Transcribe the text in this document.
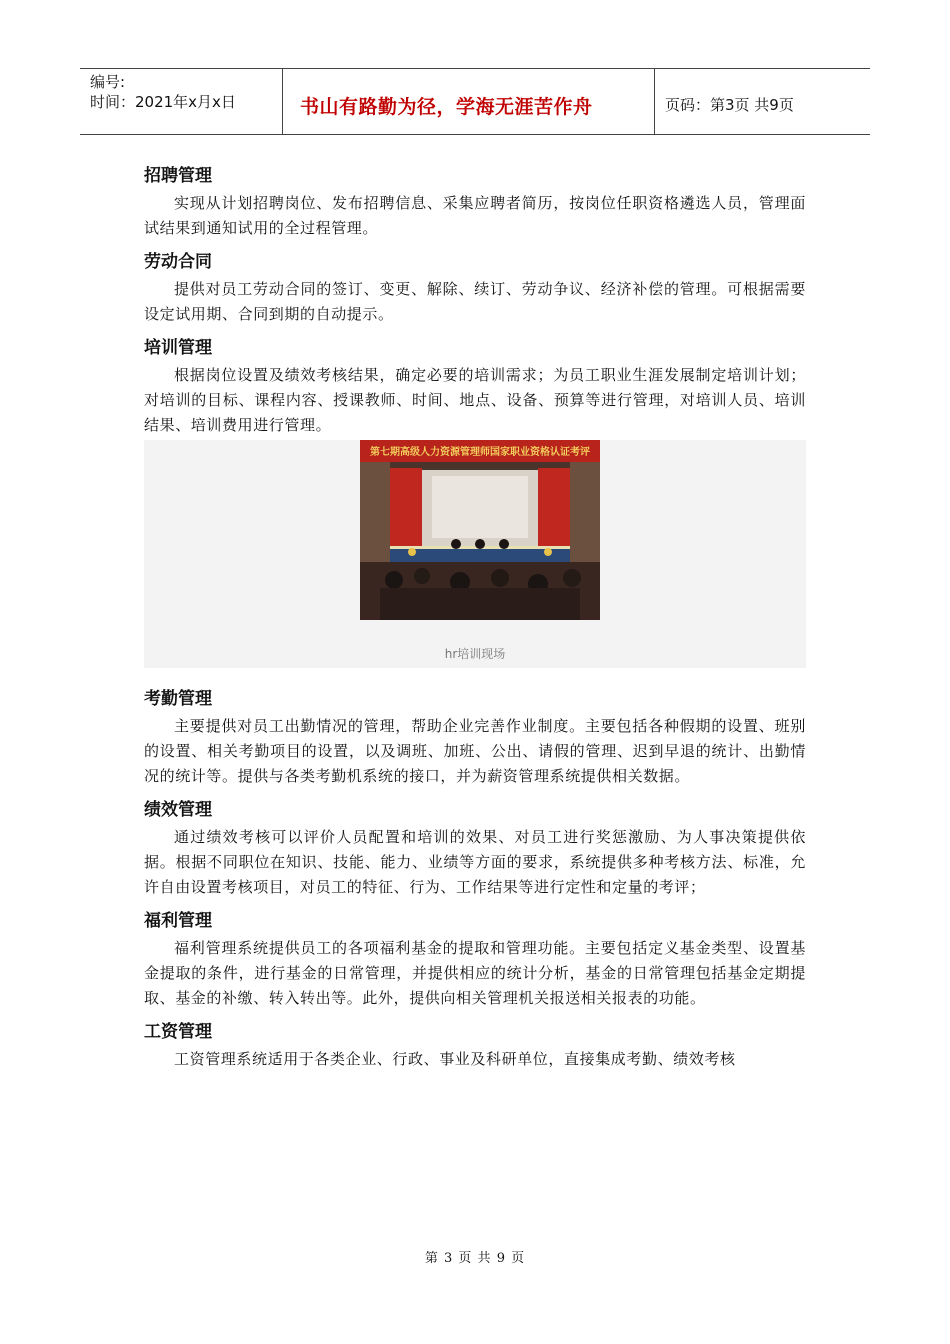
编号:
时间：2021年x月x日	书山有路勤为径，学海无涯苦作舟	页码：第3页 共9页
招聘管理

实现从计划招聘岗位、发布招聘信息、采集应聘者简历，按岗位任职资格遴选人员，管理面试结果到通知试用的全过程管理。

劳动合同

提供对员工劳动合同的签订、变更、解除、续订、劳动争议、经济补偿的管理。可根据需要设定试用期、合同到期的自动提示。

培训管理

根据岗位设置及绩效考核结果，确定必要的培训需求；为员工职业生涯发展制定培训计划；对培训的目标、课程内容、授课教师、时间、地点、设备、预算等进行管理，对培训人员、培训结果、培训费用进行管理。

第七期高级人力资源管理师国家职业资格认证考评
hr培训现场
考勤管理

主要提供对员工出勤情况的管理，帮助企业完善作业制度。主要包括各种假期的设置、班别的设置、相关考勤项目的设置，以及调班、加班、公出、请假的管理、迟到早退的统计、出勤情况的统计等。提供与各类考勤机系统的接口，并为薪资管理系统提供相关数据。

绩效管理

通过绩效考核可以评价人员配置和培训的效果、对员工进行奖惩激励、为人事决策提供依据。根据不同职位在知识、技能、能力、业绩等方面的要求，系统提供多种考核方法、标准，允许自由设置考核项目，对员工的特征、行为、工作结果等进行定性和定量的考评；

福利管理

福利管理系统提供员工的各项福利基金的提取和管理功能。主要包括定义基金类型、设置基金提取的条件，进行基金的日常管理，并提供相应的统计分析，基金的日常管理包括基金定期提取、基金的补缴、转入转出等。此外，提供向相关管理机关报送相关报表的功能。

工资管理

工资管理系统适用于各类企业、行政、事业及科研单位，直接集成考勤、绩效考核

第 3 页 共 9 页
